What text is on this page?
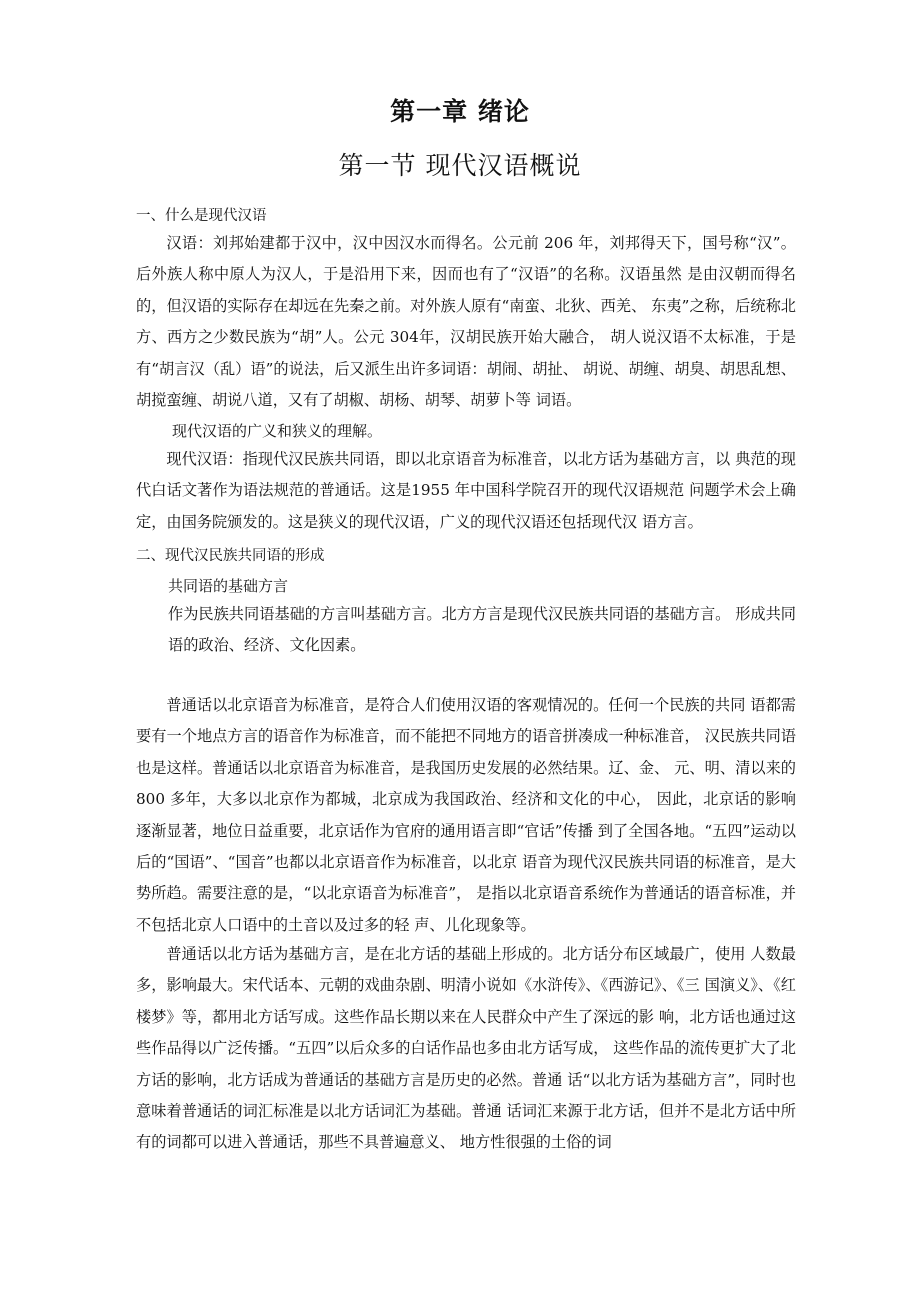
第一章 绪论
第一节 现代汉语概说
一、什么是现代汉语

汉语：刘邦始建都于汉中，汉中因汉水而得名。公元前 206 年，刘邦得天下，国号称“汉”。后外族人称中原人为汉人，于是沿用下来，因而也有了“汉语”的名称。汉语虽然 是由汉朝而得名的，但汉语的实际存在却远在先秦之前。对外族人原有“南蛮、北狄、西羌、 东夷”之称，后统称北方、西方之少数民族为“胡”人。公元 304年，汉胡民族开始大融合， 胡人说汉语不太标准，于是有“胡言汉（乱）语”的说法，后又派生出许多词语：胡闹、胡扯、 胡说、胡缠、胡臭、胡思乱想、胡搅蛮缠、胡说八道，又有了胡椒、胡杨、胡琴、胡萝卜等 词语。

现代汉语的广义和狭义的理解。

现代汉语：指现代汉民族共同语，即以北京语音为标准音，以北方话为基础方言，以 典范的现代白话文著作为语法规范的普通话。这是1955 年中国科学院召开的现代汉语规范 问题学术会上确定，由国务院颁发的。这是狭义的现代汉语，广义的现代汉语还包括现代汉 语方言。

二、现代汉民族共同语的形成
共同语的基础方言

作为民族共同语基础的方言叫基础方言。北方方言是现代汉民族共同语的基础方言。 形成共同语的政治、经济、文化因素。

普通话以北京语音为标准音，是符合人们使用汉语的客观情况的。任何一个民族的共同 语都需要有一个地点方言的语音作为标准音，而不能把不同地方的语音拼凑成一种标准音， 汉民族共同语也是这样。普通话以北京语音为标准音，是我国历史发展的必然结果。辽、金、 元、明、清以来的800 多年，大多以北京作为都城，北京成为我国政治、经济和文化的中心， 因此，北京话的影响逐渐显著，地位日益重要，北京话作为官府的通用语言即“官话”传播 到了全国各地。“五四”运动以后的“国语”、“国音”也都以北京语音作为标准音，以北京 语音为现代汉民族共同语的标准音，是大势所趋。需要注意的是，“以北京语音为标准音”， 是指以北京语音系统作为普通话的语音标准，并不包括北京人口语中的土音以及过多的轻 声、儿化现象等。

普通话以北方话为基础方言，是在北方话的基础上形成的。北方话分布区域最广，使用 人数最多，影响最大。宋代话本、元朝的戏曲杂剧、明清小说如《水浒传》、《西游记》、《三 国演义》、《红楼梦》等，都用北方话写成。这些作品长期以来在人民群众中产生了深远的影 响，北方话也通过这些作品得以广泛传播。“五四”以后众多的白话作品也多由北方话写成， 这些作品的流传更扩大了北方话的影响，北方话成为普通话的基础方言是历史的必然。普通 话“以北方话为基础方言”，同时也意味着普通话的词汇标准是以北方话词汇为基础。普通 话词汇来源于北方话，但并不是北方话中所有的词都可以进入普通话，那些不具普遍意义、 地方性很强的土俗的词
